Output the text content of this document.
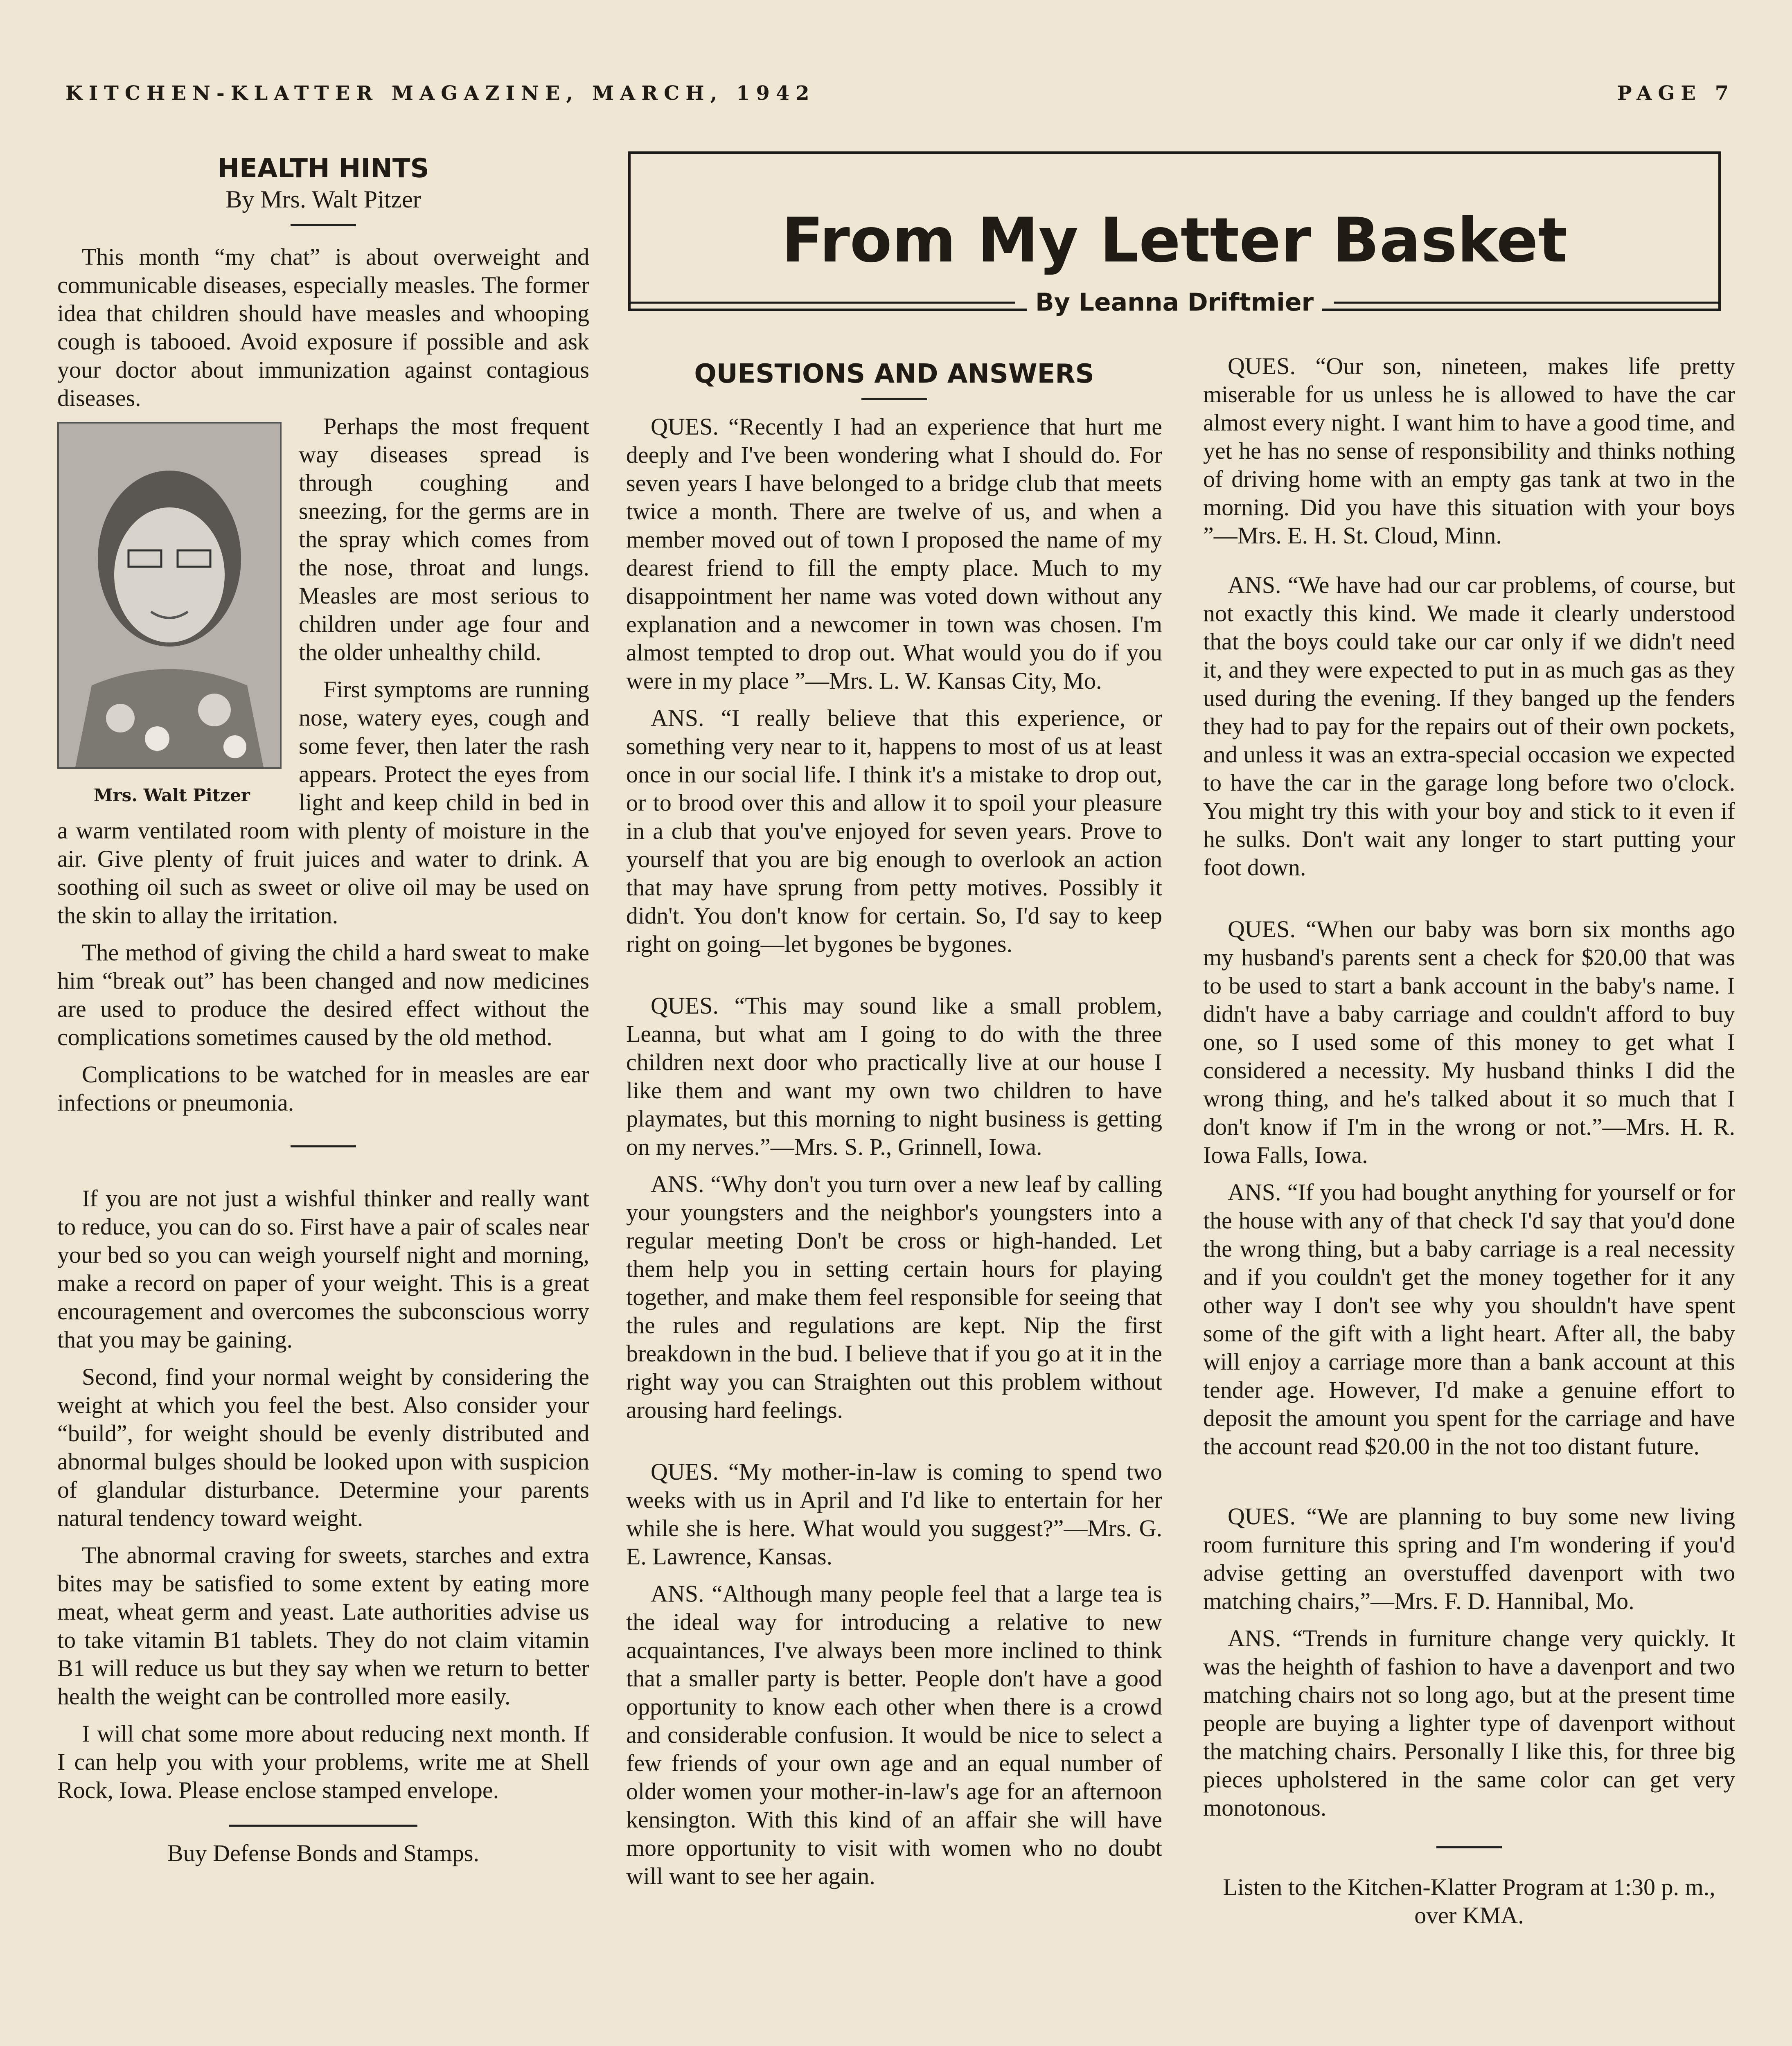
KITCHEN-KLATTER MAGAZINE, MARCH, 1942	PAGE 7
HEALTH HINTS
By Mrs. Walt Pitzer

This month “my chat” is about overweight and communicable diseases, especially measles. The former idea that children should have measles and whooping cough is tabooed. Avoid exposure if possible and ask your doctor about immunization against contagious diseases.

Mrs. Walt Pitzer

Perhaps the most frequent way diseases spread is through coughing and sneezing, for the germs are in the spray which comes from the nose, throat and lungs. Measles are most serious to children under age four and the older unhealthy child.

First symptoms are running nose, watery eyes, cough and some fever, then later the rash appears. Protect the eyes from light and keep child in bed in a warm ventilated room with plenty of moisture in the air. Give plenty of fruit juices and water to drink. A soothing oil such as sweet or olive oil may be used on the skin to allay the irritation.

The method of giving the child a hard sweat to make him “break out” has been changed and now medicines are used to produce the desired effect without the complications sometimes caused by the old method.

Complications to be watched for in measles are ear infections or pneumonia.

If you are not just a wishful thinker and really want to reduce, you can do so. First have a pair of scales near your bed so you can weigh yourself night and morning, make a record on paper of your weight. This is a great encouragement and overcomes the subconscious worry that you may be gaining.

Second, find your normal weight by considering the weight at which you feel the best. Also consider your “build”, for weight should be evenly distributed and abnormal bulges should be looked upon with suspicion of glandular disturbance. Determine your parents natural tendency toward weight.

The abnormal craving for sweets, starches and extra bites may be satisfied to some extent by eating more meat, wheat germ and yeast. Late authorities advise us to take vitamin B1 tablets. They do not claim vitamin B1 will reduce us but they say when we return to better health the weight can be controlled more easily.

I will chat some more about reducing next month. If I can help you with your problems, write me at Shell Rock, Iowa. Please enclose stamped envelope.

Buy Defense Bonds and Stamps.

From My Letter Basket
By Leanna Driftmier
QUESTIONS AND ANSWERS

QUES. “Recently I had an experience that hurt me deeply and I've been wondering what I should do. For seven years I have belonged to a bridge club that meets twice a month. There are twelve of us, and when a member moved out of town I proposed the name of my dearest friend to fill the empty place. Much to my disappointment her name was voted down without any explanation and a newcomer in town was chosen. I'm almost tempted to drop out. What would you do if you were in my place ”—Mrs. L. W. Kansas City, Mo.

ANS. “I really believe that this experience, or something very near to it, happens to most of us at least once in our social life. I think it's a mistake to drop out, or to brood over this and allow it to spoil your pleasure in a club that you've enjoyed for seven years. Prove to yourself that you are big enough to overlook an action that may have sprung from petty motives. Possibly it didn't. You don't know for certain. So, I'd say to keep right on going—let bygones be bygones.

QUES. “This may sound like a small problem, Leanna, but what am I going to do with the three children next door who practically live at our house I like them and want my own two children to have playmates, but this morning to night business is getting on my nerves.”—Mrs. S. P., Grinnell, Iowa.

ANS. “Why don't you turn over a new leaf by calling your youngsters and the neighbor's youngsters into a regular meeting Don't be cross or high-handed. Let them help you in setting certain hours for playing together, and make them feel responsible for seeing that the rules and regulations are kept. Nip the first breakdown in the bud. I believe that if you go at it in the right way you can Straighten out this problem without arousing hard feelings.

QUES. “My mother-in-law is coming to spend two weeks with us in April and I'd like to entertain for her while she is here. What would you suggest?”—Mrs. G. E. Lawrence, Kansas.

ANS. “Although many people feel that a large tea is the ideal way for introducing a relative to new acquaintances, I've always been more inclined to think that a smaller party is better. People don't have a good opportunity to know each other when there is a crowd and considerable confusion. It would be nice to select a few friends of your own age and an equal number of older women your mother-in-law's age for an afternoon kensington. With this kind of an affair she will have more opportunity to visit with women who no doubt will want to see her again.

QUES. “Our son, nineteen, makes life pretty miserable for us unless he is allowed to have the car almost every night. I want him to have a good time, and yet he has no sense of responsibility and thinks nothing of driving home with an empty gas tank at two in the morning. Did you have this situation with your boys ”—Mrs. E. H. St. Cloud, Minn.

ANS. “We have had our car problems, of course, but not exactly this kind. We made it clearly understood that the boys could take our car only if we didn't need it, and they were expected to put in as much gas as they used during the evening. If they banged up the fenders they had to pay for the repairs out of their own pockets, and unless it was an extra-special occasion we expected to have the car in the garage long before two o'clock. You might try this with your boy and stick to it even if he sulks. Don't wait any longer to start putting your foot down.

QUES. “When our baby was born six months ago my husband's parents sent a check for $20.00 that was to be used to start a bank account in the baby's name. I didn't have a baby carriage and couldn't afford to buy one, so I used some of this money to get what I considered a necessity. My husband thinks I did the wrong thing, and he's talked about it so much that I don't know if I'm in the wrong or not.”—Mrs. H. R. Iowa Falls, Iowa.

ANS. “If you had bought anything for yourself or for the house with any of that check I'd say that you'd done the wrong thing, but a baby carriage is a real necessity and if you couldn't get the money together for it any other way I don't see why you shouldn't have spent some of the gift with a light heart. After all, the baby will enjoy a carriage more than a bank account at this tender age. However, I'd make a genuine effort to deposit the amount you spent for the carriage and have the account read $20.00 in the not too distant future.

QUES. “We are planning to buy some new living room furniture this spring and I'm wondering if you'd advise getting an overstuffed davenport with two matching chairs,”—Mrs. F. D. Hannibal, Mo.

ANS. “Trends in furniture change very quickly. It was the heighth of fashion to have a davenport and two matching chairs not so long ago, but at the present time people are buying a lighter type of davenport without the matching chairs. Personally I like this, for three big pieces upholstered in the same color can get very monotonous.

Listen to the Kitchen-Klatter Program at 1:30 p. m., over KMA.
